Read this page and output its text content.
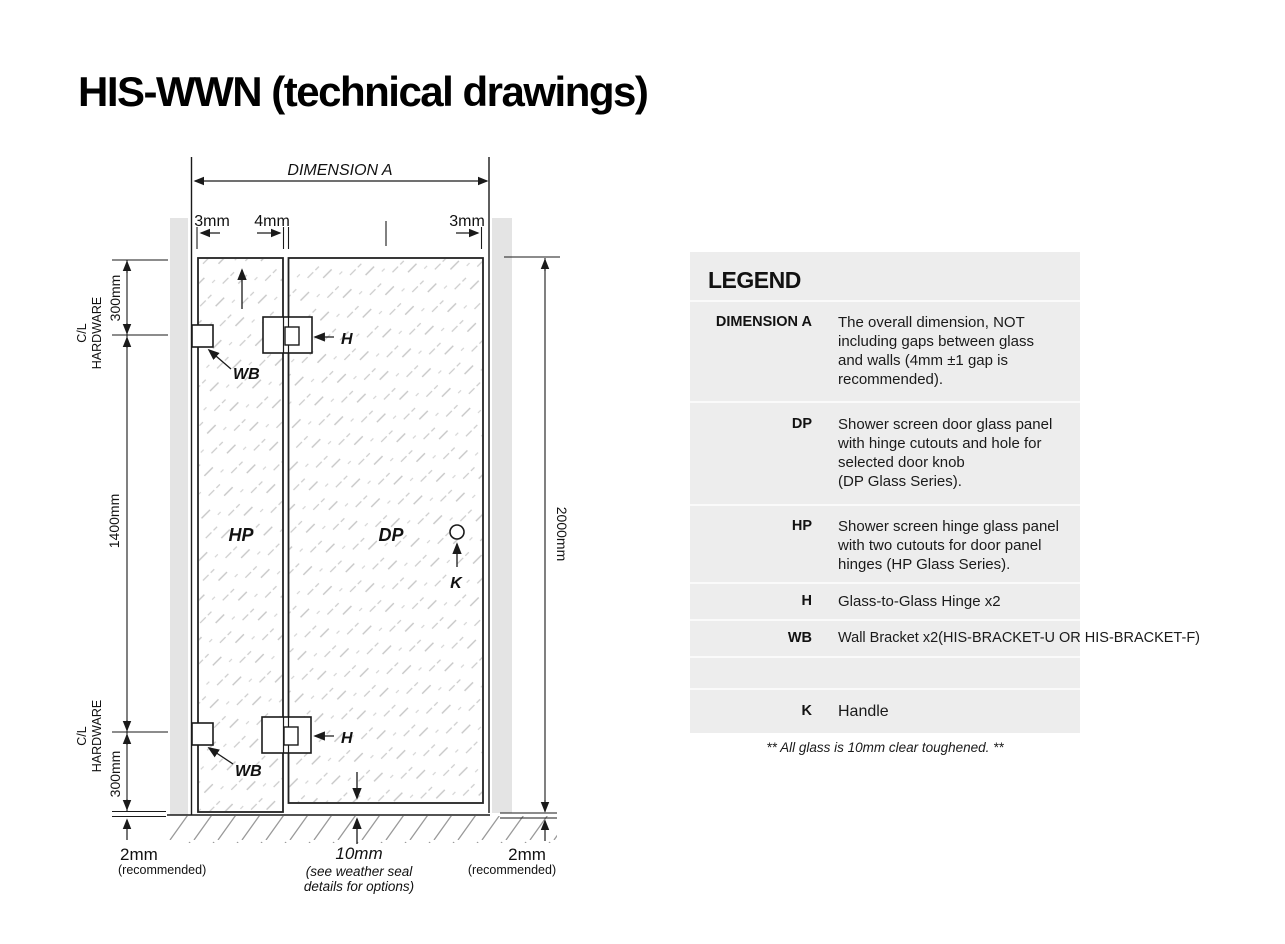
HIS-WWN (technical drawings)
DIMENSION A
3mm 4mm	3mm
300mm
C/L HARDWARE
1400mm
C/L HARDWARE
300mm
2mm
(recommended)
2000mm
2mm
(recommended)
H
H
WB
WB
HP	DP
K
10mm
(see weather seal
details for options)
LEGEND
DIMENSION A The overall dimension, NOT
including gaps between glass
and walls (4mm ±1 gap is
recommended).
DP Shower screen door glass panel
with hinge cutouts and hole for
selected door knob
(DP Glass Series).
HP Shower screen hinge glass panel
with two cutouts for door panel
hinges (HP Glass Series).
H Glass-to-Glass Hinge x2
WB Wall Bracket x2(HIS-BRACKET-U OR HIS-BRACKET-F)
K Handle
** All glass is 10mm clear toughened. **
